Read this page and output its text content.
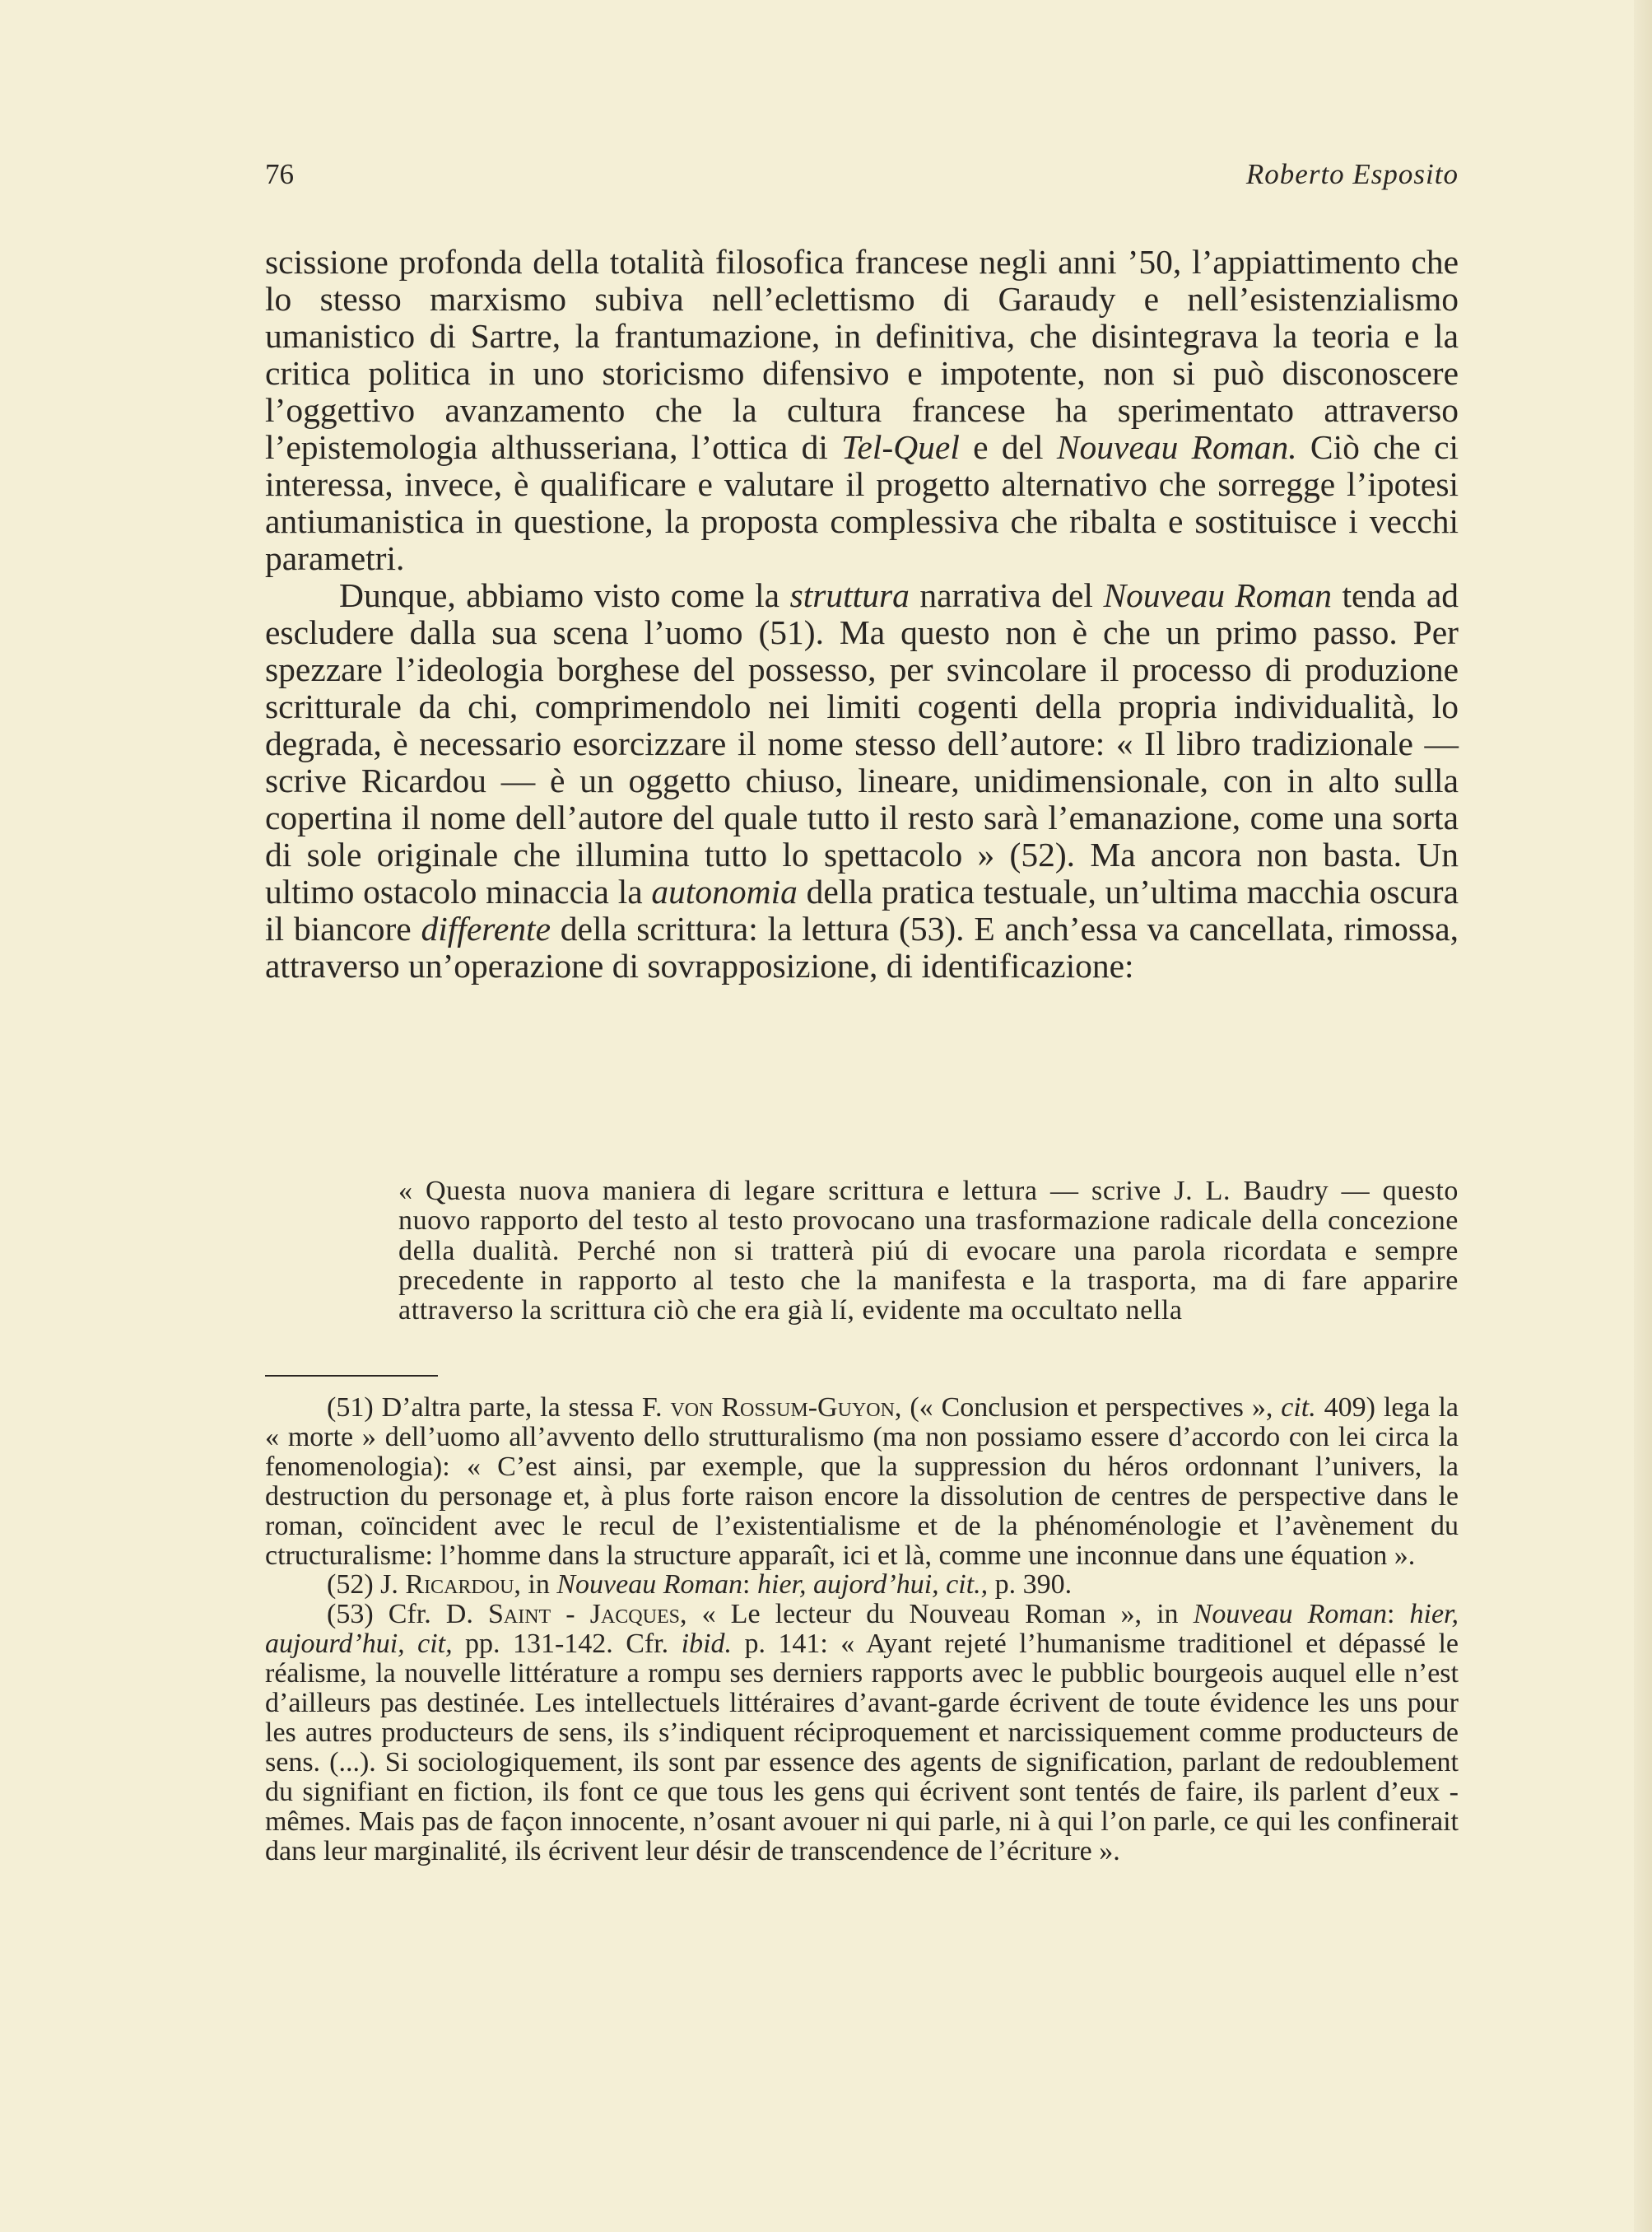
76	Roberto Esposito

scissione profonda della totalità filosofica francese negli anni ’50, l’appiattimento che lo stesso marxismo subiva nell’eclettismo di Garaudy e nell’esistenzialismo umanistico di Sartre, la frantumazione, in definitiva, che disintegrava la teoria e la critica politica in uno storicismo difensivo e impotente, non si può disconoscere l’oggettivo avanzamento che la cultura francese ha sperimentato attraverso l’epistemologia althusseriana, l’ottica di Tel-Quel e del Nouveau Roman. Ciò che ci interessa, invece, è qualificare e valutare il progetto alternativo che sorregge l’ipotesi antiumanistica in questione, la proposta complessiva che ribalta e sostituisce i vecchi parametri.

Dunque, abbiamo visto come la struttura narrativa del Nouveau Roman tenda ad escludere dalla sua scena l’uomo (51). Ma questo non è che un primo passo. Per spezzare l’ideologia borghese del possesso, per svincolare il processo di produzione scritturale da chi, comprimendolo nei limiti cogenti della propria individualità, lo degrada, è necessario esorcizzare il nome stesso dell’autore: « Il libro tradizionale — scrive Ricardou — è un oggetto chiuso, lineare, unidimensionale, con in alto sulla copertina il nome dell’autore del quale tutto il resto sarà l’emanazione, come una sorta di sole originale che illumina tutto lo spettacolo » (52). Ma ancora non basta. Un ultimo ostacolo minaccia la autonomia della pratica testuale, un’ultima macchia oscura il biancore differente della scrittura: la lettura (53). E anch’essa va cancellata, rimossa, attraverso un’operazione di sovrapposizione, di identificazione:

« Questa nuova maniera di legare scrittura e lettura — scrive J. L. Baudry — questo nuovo rapporto del testo al testo provocano una trasformazione radicale della concezione della dualità. Perché non si tratterà piú di evocare una parola ricordata e sempre precedente in rapporto al testo che la manifesta e la trasporta, ma di fare apparire attraverso la scrittura ciò che era già lí, evidente ma occultato nella

(51) D’altra parte, la stessa F. von Rossum-Guyon, (« Conclusion et perspectives », cit. 409) lega la « morte » dell’uomo all’avvento dello strutturalismo (ma non possiamo essere d’accordo con lei circa la fenomenologia): « C’est ainsi, par exemple, que la suppression du héros ordonnant l’univers, la destruction du personage et, à plus forte raison encore la dissolution de centres de perspective dans le roman, coïncident avec le recul de l’existentialisme et de la phénoménologie et l’avènement du ctructuralisme: l’homme dans la structure apparaît, ici et là, comme une inconnue dans une équation ».

(52) J. Ricardou, in Nouveau Roman: hier, aujord’hui, cit., p. 390.

(53) Cfr. D. Saint - Jacques, « Le lecteur du Nouveau Roman », in Nouveau Roman: hier, aujourd’hui, cit, pp. 131-142. Cfr. ibid. p. 141: « Ayant rejeté l’humanisme traditionel et dépassé le réalisme, la nouvelle littérature a rompu ses derniers rapports avec le pubblic bourgeois auquel elle n’est d’ailleurs pas destinée. Les intellectuels littéraires d’avant-garde écrivent de toute évidence les uns pour les autres producteurs de sens, ils s’indiquent réciproquement et narcissiquement comme producteurs de sens. (...). Si sociologiquement, ils sont par essence des agents de signification, parlant de redoublement du signifiant en fiction, ils font ce que tous les gens qui écrivent sont tentés de faire, ils parlent d’eux - mêmes. Mais pas de façon innocente, n’osant avouer ni qui parle, ni à qui l’on parle, ce qui les confinerait dans leur marginalité, ils écrivent leur désir de transcendence de l’écriture ».
